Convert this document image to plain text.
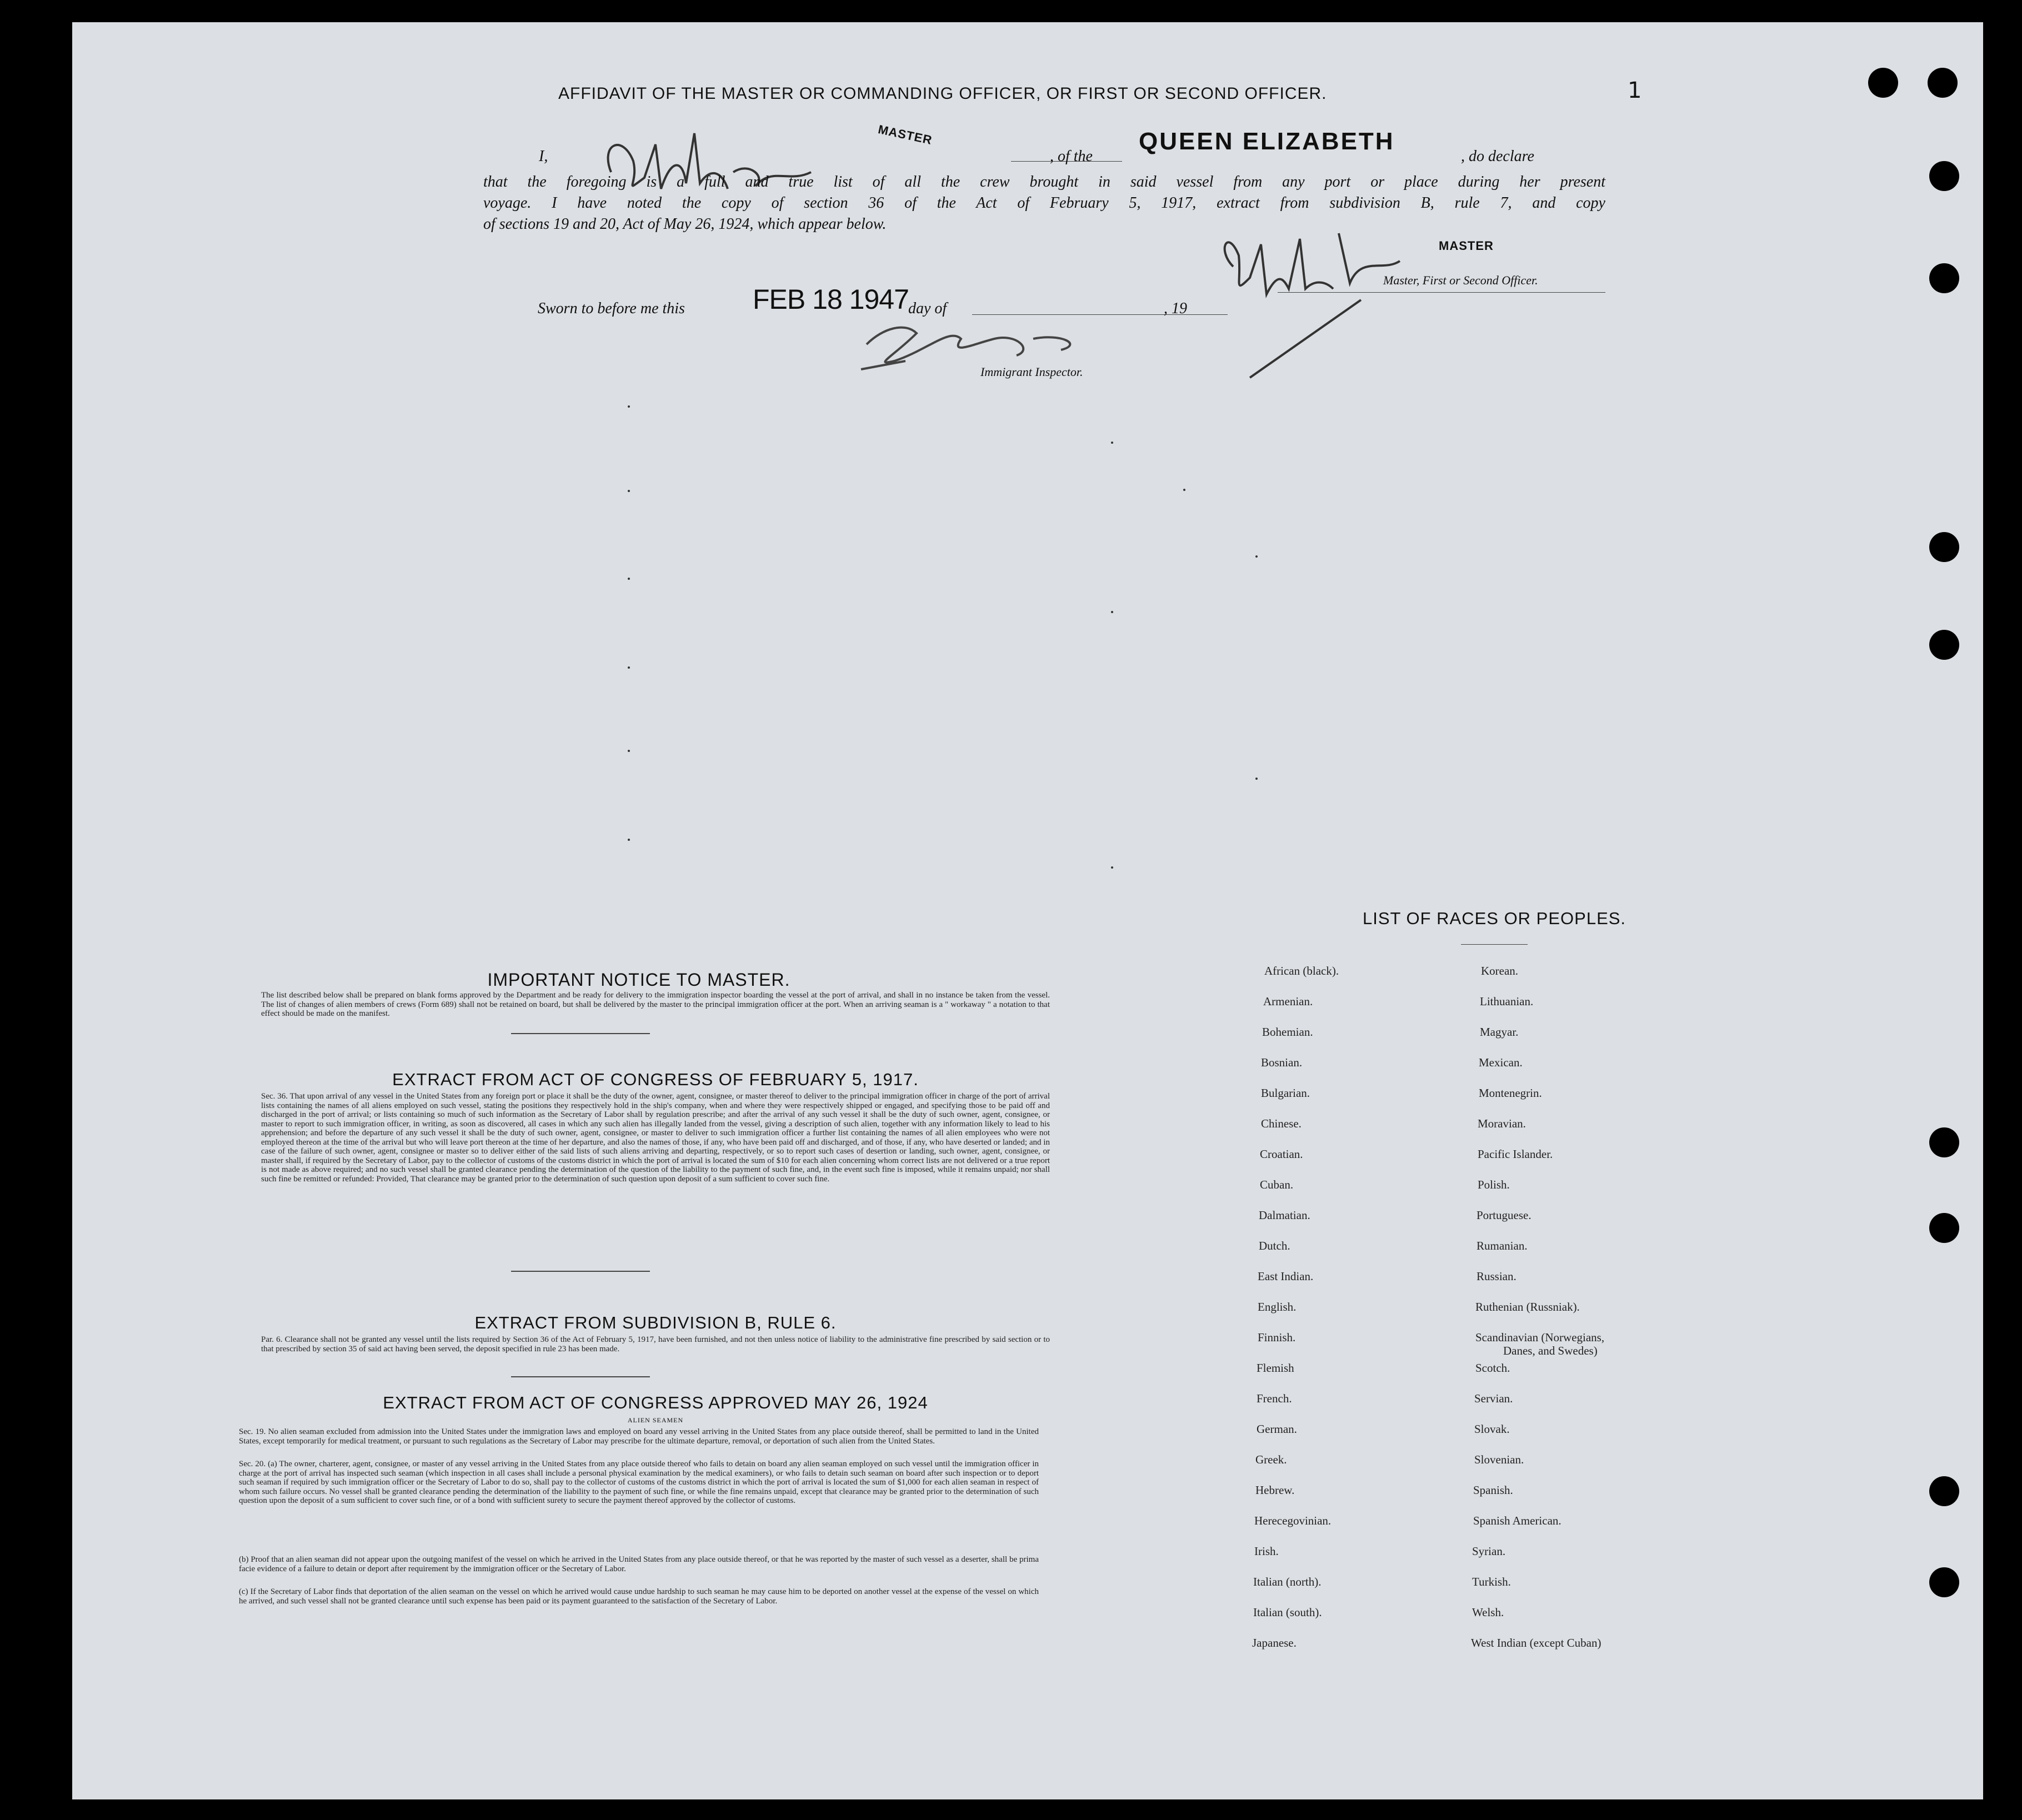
AFFIDAVIT OF THE MASTER OR COMMANDING OFFICER, OR FIRST OR SECOND OFFICER.	1
I,
MASTER
, of the
QUEEN ELIZABETH
, do declare
that the foregoing is a full and true list of all the crew brought in said vessel from any port or place during her present
voyage. I have noted the copy of section 36 of the Act of February 5, 1917, extract from subdivision B, rule 7, and copy
of sections 19 and 20, Act of May 26, 1924, which appear below.
MASTER
Master, First or Second Officer.
Sworn to before me this FEB 18 1947 day of	, 19
Immigrant Inspector.
IMPORTANT NOTICE TO MASTER.
The list described below shall be prepared on blank forms approved by the Department and be ready for delivery to the immigration inspector boarding the vessel at the port of arrival, and shall in no instance be taken from the vessel. The list of changes of alien members of crews (Form 689) shall not be retained on board, but shall be delivered by the master to the principal immigration officer at the port. When an arriving seaman is a " workaway " a notation to that effect should be made on the manifest.
EXTRACT FROM ACT OF CONGRESS OF FEBRUARY 5, 1917.
Sec. 36. That upon arrival of any vessel in the United States from any foreign port or place it shall be the duty of the owner, agent, consignee, or master thereof to deliver to the principal immigration officer in charge of the port of arrival lists containing the names of all aliens employed on such vessel, stating the positions they respectively hold in the ship's company, when and where they were respectively shipped or engaged, and specifying those to be paid off and discharged in the port of arrival; or lists containing so much of such information as the Secretary of Labor shall by regulation prescribe; and after the arrival of any such vessel it shall be the duty of such owner, agent, consignee, or master to report to such immigration officer, in writing, as soon as discovered, all cases in which any such alien has illegally landed from the vessel, giving a description of such alien, together with any information likely to lead to his apprehension; and before the departure of any such vessel it shall be the duty of such owner, agent, consignee, or master to deliver to such immigration officer a further list containing the names of all alien employees who were not employed thereon at the time of the arrival but who will leave port thereon at the time of her departure, and also the names of those, if any, who have been paid off and discharged, and of those, if any, who have deserted or landed; and in case of the failure of such owner, agent, consignee or master so to deliver either of the said lists of such aliens arriving and departing, respectively, or so to report such cases of desertion or landing, such owner, agent, consignee, or master shall, if required by the Secretary of Labor, pay to the collector of customs of the customs district in which the port of arrival is located the sum of $10 for each alien concerning whom correct lists are not delivered or a true report is not made as above required; and no such vessel shall be granted clearance pending the determination of the question of the liability to the payment of such fine, and, in the event such fine is imposed, while it remains unpaid; nor shall such fine be remitted or refunded: Provided, That clearance may be granted prior to the determination of such question upon deposit of a sum sufficient to cover such fine.
EXTRACT FROM SUBDIVISION B, RULE 6.
Par. 6. Clearance shall not be granted any vessel until the lists required by Section 36 of the Act of February 5, 1917, have been furnished, and not then unless notice of liability to the administrative fine prescribed by said section or to that prescribed by section 35 of said act having been served, the deposit specified in rule 23 has been made.
EXTRACT FROM ACT OF CONGRESS APPROVED MAY 26, 1924
ALIEN SEAMEN
Sec. 19. No alien seaman excluded from admission into the United States under the immigration laws and employed on board any vessel arriving in the United States from any place outside thereof, shall be permitted to land in the United States, except temporarily for medical treatment, or pursuant to such regulations as the Secretary of Labor may prescribe for the ultimate departure, removal, or deportation of such alien from the United States.
Sec. 20. (a) The owner, charterer, agent, consignee, or master of any vessel arriving in the United States from any place outside thereof who fails to detain on board any alien seaman employed on such vessel until the immigration officer in charge at the port of arrival has inspected such seaman (which inspection in all cases shall include a personal physical examination by the medical examiners), or who fails to detain such seaman on board after such inspection or to deport such seaman if required by such immigration officer or the Secretary of Labor to do so, shall pay to the collector of customs of the customs district in which the port of arrival is located the sum of $1,000 for each alien seaman in respect of whom such failure occurs. No vessel shall be granted clearance pending the determination of the liability to the payment of such fine, or while the fine remains unpaid, except that clearance may be granted prior to the determination of such question upon the deposit of a sum sufficient to cover such fine, or of a bond with sufficient surety to secure the payment thereof approved by the collector of customs.
(b) Proof that an alien seaman did not appear upon the outgoing manifest of the vessel on which he arrived in the United States from any place outside thereof, or that he was reported by the master of such vessel as a deserter, shall be prima facie evidence of a failure to detain or deport after requirement by the immigration officer or the Secretary of Labor.
(c) If the Secretary of Labor finds that deportation of the alien seaman on the vessel on which he arrived would cause undue hardship to such seaman he may cause him to be deported on another vessel at the expense of the vessel on which he arrived, and such vessel shall not be granted clearance until such expense has been paid or its payment guaranteed to the satisfaction of the Secretary of Labor.
LIST OF RACES OR PEOPLES.
African (black).
Armenian.
Bohemian.
Bosnian.
Bulgarian.
Chinese.
Croatian.
Cuban.
Dalmatian.
Dutch.
East Indian.
English.
Finnish.
Flemish
French.
German.
Greek.
Hebrew.
Herecegovinian.
Irish.
Italian (north).
Italian (south).
Japanese.
Korean.
Lithuanian.
Magyar.
Mexican.
Montenegrin.
Moravian.
Pacific Islander.
Polish.
Portuguese.
Rumanian.
Russian.
Ruthenian (Russniak).
Scandinavian (Norwegians,
Danes, and Swedes)
Scotch.
Servian.
Slovak.
Slovenian.
Spanish.
Spanish American.
Syrian.
Turkish.
Welsh.
West Indian (except Cuban)
